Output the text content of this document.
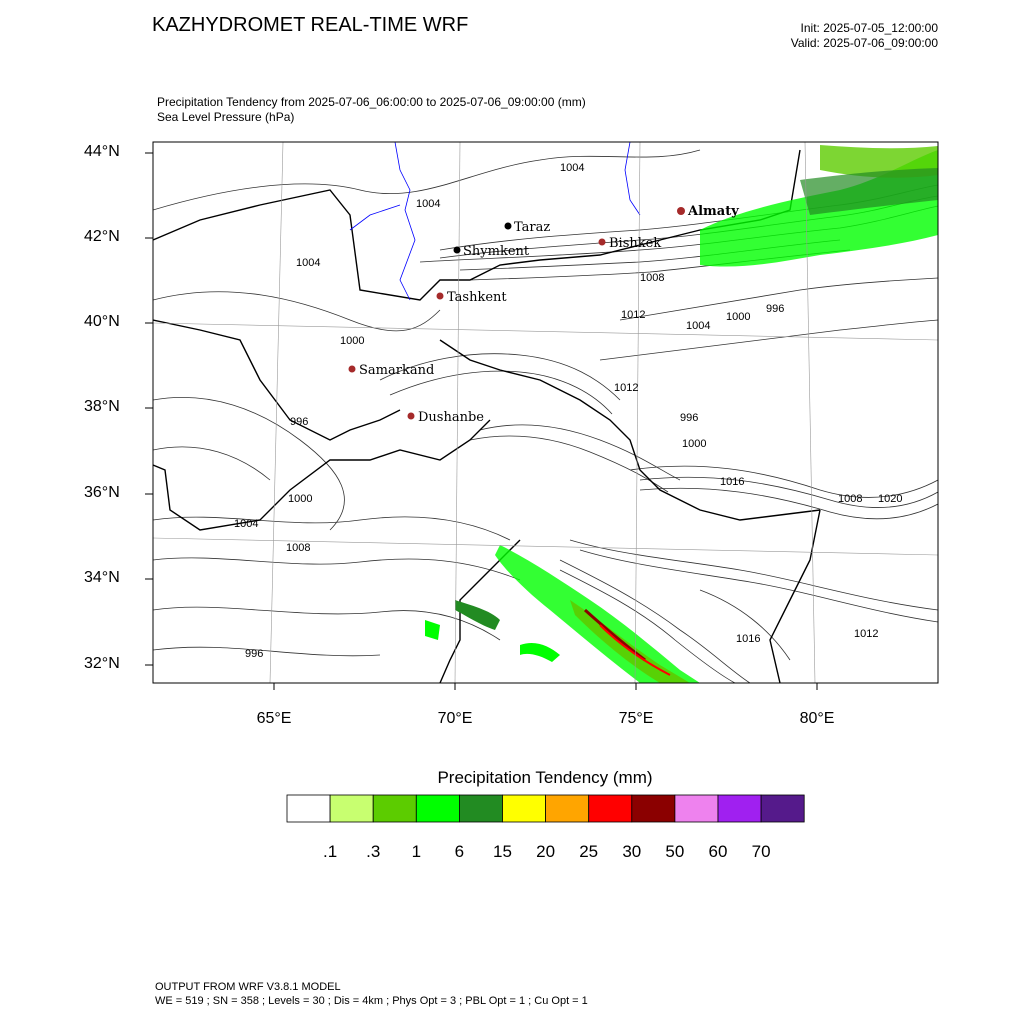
KAZHYDROMET REAL-TIME WRF	Init: 2025-07-05_12:00:00
Valid: 2025-07-06_09:00:00
Precipitation Tendency from 2025-07-06_06:00:00 to 2025-07-06_09:00:00 (mm)
Sea Level Pressure (hPa)
Taraz
Shymkent
Bishkek
Almaty
Tashkent
Samarkand
Dushanbe
1004
1004
1004
1000
996
1000
1004
1008
996
1012
1016
1000
996
1020
1012
1008
996
1000
1004
1008
1012
1016
44°N
42°N
40°N
38°N
36°N
34°N
32°N
65°E	70°E	75°E	80°E
Precipitation Tendency (mm)
.1 .3 1 6 15 20 25 30 50 60 70
OUTPUT FROM WRF V3.8.1 MODEL
WE = 519 ; SN = 358 ; Levels = 30 ; Dis = 4km ; Phys Opt = 3 ; PBL Opt = 1 ; Cu Opt = 1
